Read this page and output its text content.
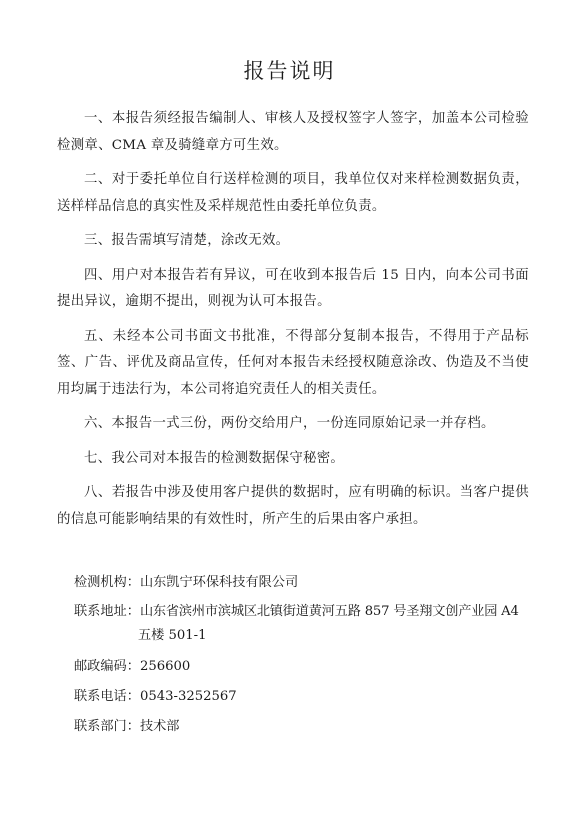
报告说明

一、本报告须经报告编制人、审核人及授权签字人签字，加盖本公司检验检测章、CMA 章及骑缝章方可生效。

二、对于委托单位自行送样检测的项目，我单位仅对来样检测数据负责，送样样品信息的真实性及采样规范性由委托单位负责。

三、报告需填写清楚，涂改无效。

四、用户对本报告若有异议，可在收到本报告后 15 日内，向本公司书面提出异议，逾期不提出，则视为认可本报告。

五、未经本公司书面文书批准，不得部分复制本报告，不得用于产品标签、广告、评优及商品宣传，任何对本报告未经授权随意涂改、伪造及不当使用均属于违法行为，本公司将追究责任人的相关责任。

六、本报告一式三份，两份交给用户，一份连同原始记录一并存档。

七、我公司对本报告的检测数据保守秘密。

八、若报告中涉及使用客户提供的数据时，应有明确的标识。当客户提供的信息可能影响结果的有效性时，所产生的后果由客户承担。

检测机构： 山东凯宁环保科技有限公司
联系地址： 山东省滨州市滨城区北镇街道黄河五路 857 号圣翔文创产业园 A4
五楼 501-1
邮政编码： 256600
联系电话： 0543-3252567
联系部门： 技术部
